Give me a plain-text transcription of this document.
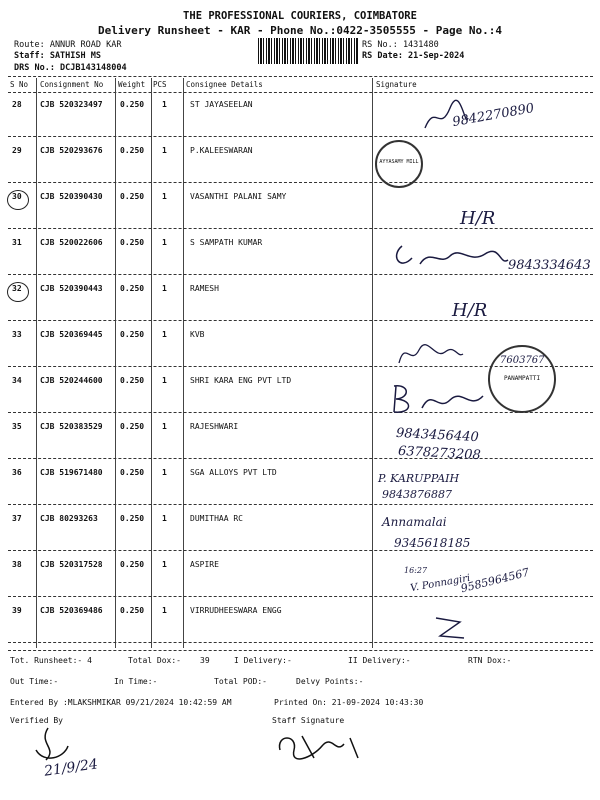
THE PROFESSIONAL COURIERS, COIMBATORE
Delivery Runsheet - KAR - Phone No.:0422-3505555 - Page No.:4
Route: ANNUR ROAD KAR
Staff: SATHISH MS
DRS No.: DCJB143148004
RS No.: 1431480
RS Date: 21-Sep-2024
S No Consignment No Weight PCS	Consignee Details	Signature
28 CJB 520323497 0.250 1	ST JAYASEELAN
29 CJB 520293676 0.250 1	P.KALEESWARAN
30 CJB 520390430 0.250 1	VASANTHI PALANI SAMY
31 CJB 520022606 0.250 1	S SAMPATH KUMAR
32 CJB 520390443 0.250 1	RAMESH
33 CJB 520369445 0.250 1	KVB
34 CJB 520244600 0.250 1	SHRI KARA ENG PVT LTD
35 CJB 520383529 0.250 1	RAJESHWARI
36 CJB 519671480 0.250 1	SGA ALLOYS PVT LTD
37 CJB 80293263	0.250 1	DUMITHAA RC
38 CJB 520317528 0.250 1	ASPIRE
39 CJB 520369486 0.250 1	VIRRUDHEESWARA ENGG
AYYASAMY MILL
PANAMPATTI
9842270890
H/R
9843334643
H/R
7603767
9843456440
6378273208
P. KARUPPAIH
9843876887
Annamalai
9345618185
16:27
V. Ponnagiri
9585964567
Tot. Runsheet:- 4	Total Dox:- 39	I Delivery:-	II Delivery:-	RTN Dox:-
Out Time:-	In Time:-	Total POD:-	Delvy Points:-
Entered By :MLAKSHMIKAR 09/21/2024 10:42:59 AM	Printed On: 21-09-2024 10:43:30
Verified By	Staff Signature
21/9/24
